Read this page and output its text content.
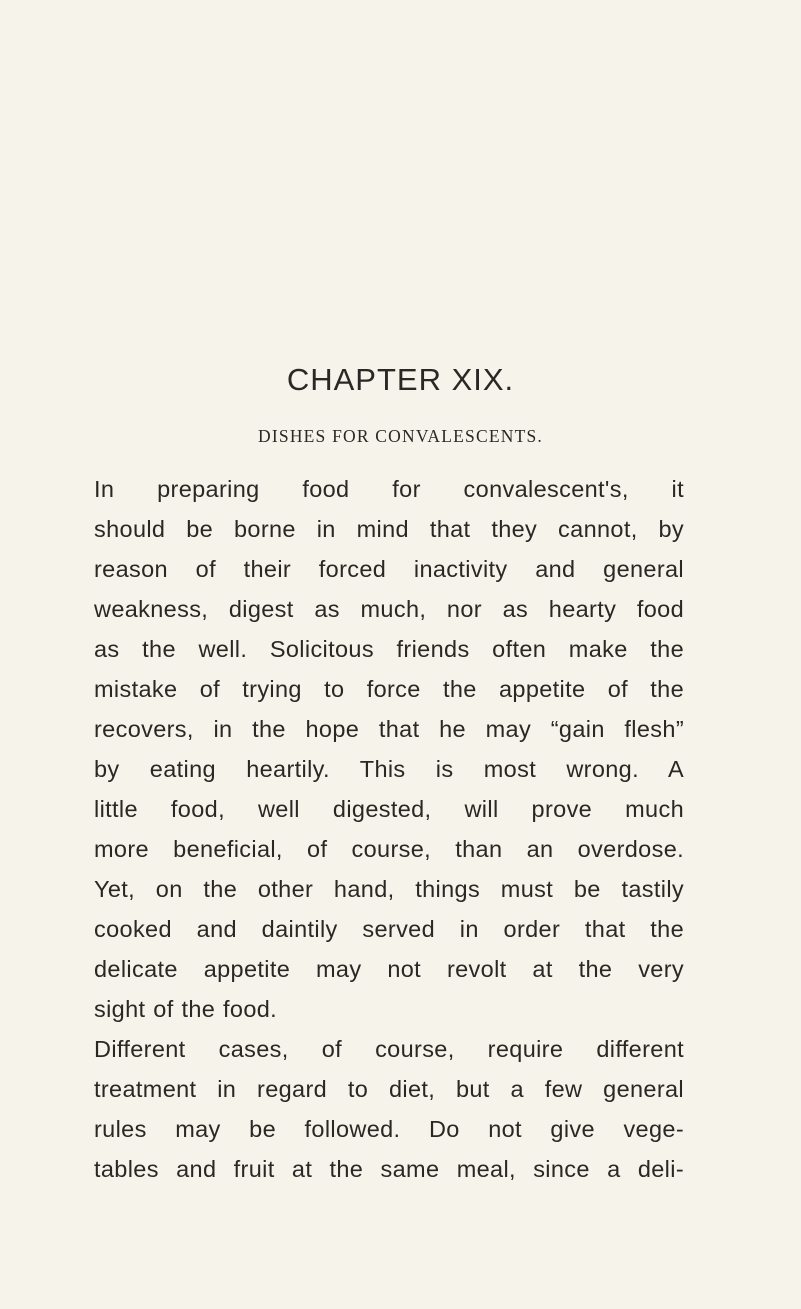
CHAPTER XIX.
DISHES FOR CONVALESCENTS.
In preparing food for convalescent's, it
should be borne in mind that they cannot, by
reason of their forced inactivity and general
weakness, digest as much, nor as hearty food
as the well. Solicitous friends often make the
mistake of trying to force the appetite of the
recovers, in the hope that he may “gain flesh”
by eating heartily. This is most wrong. A
little food, well digested, will prove much
more beneficial, of course, than an overdose.
Yet, on the other hand, things must be tastily
cooked and daintily served in order that the
delicate appetite may not revolt at the very
sight of the food.
Different cases, of course, require different
treatment in regard to diet, but a few general
rules may be followed. Do not give vege-
tables and fruit at the same meal, since a deli-
